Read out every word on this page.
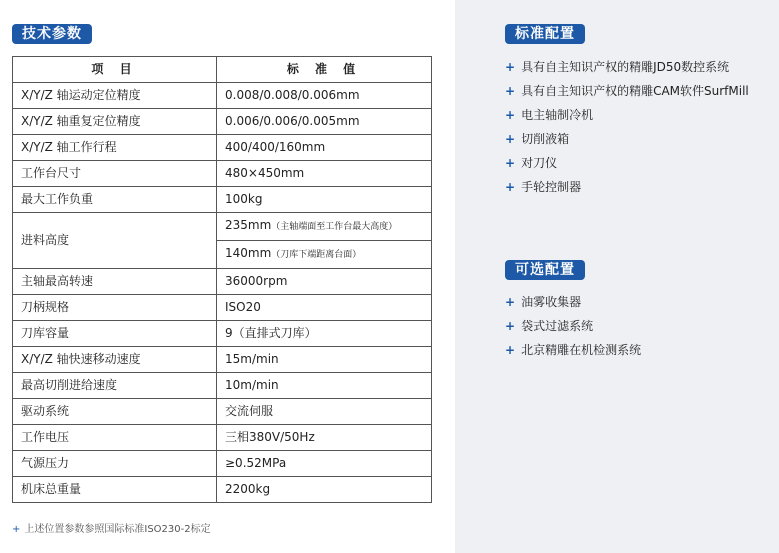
技术参数
项 目	标 准 值
X/Y/Z 轴运动定位精度	0.008/0.008/0.006mm
X/Y/Z 轴重复定位精度	0.006/0.006/0.005mm
X/Y/Z 轴工作行程	400/400/160mm
工作台尺寸	480×450mm
最大工作负重	100kg
进料高度	235mm（主轴端面至工作台最大高度）
	140mm（刀库下端距离台面）
主轴最高转速	36000rpm
刀柄规格	ISO20
刀库容量	9（直排式刀库）
X/Y/Z 轴快速移动速度	15m/min
最高切削进给速度	10m/min
驱动系统	交流伺服
工作电压	三相380V/50Hz
气源压力	≥0.52MPa
机床总重量	2200kg
+ 上述位置参数参照国际标准ISO230-2标定
标准配置
+ 具有自主知识产权的精雕JD50数控系统
+ 具有自主知识产权的精雕CAM软件SurfMill
+ 电主轴制冷机
+ 切削液箱
+ 对刀仪
+ 手轮控制器
可选配置
+ 油雾收集器
+ 袋式过滤系统
+ 北京精雕在机检测系统
